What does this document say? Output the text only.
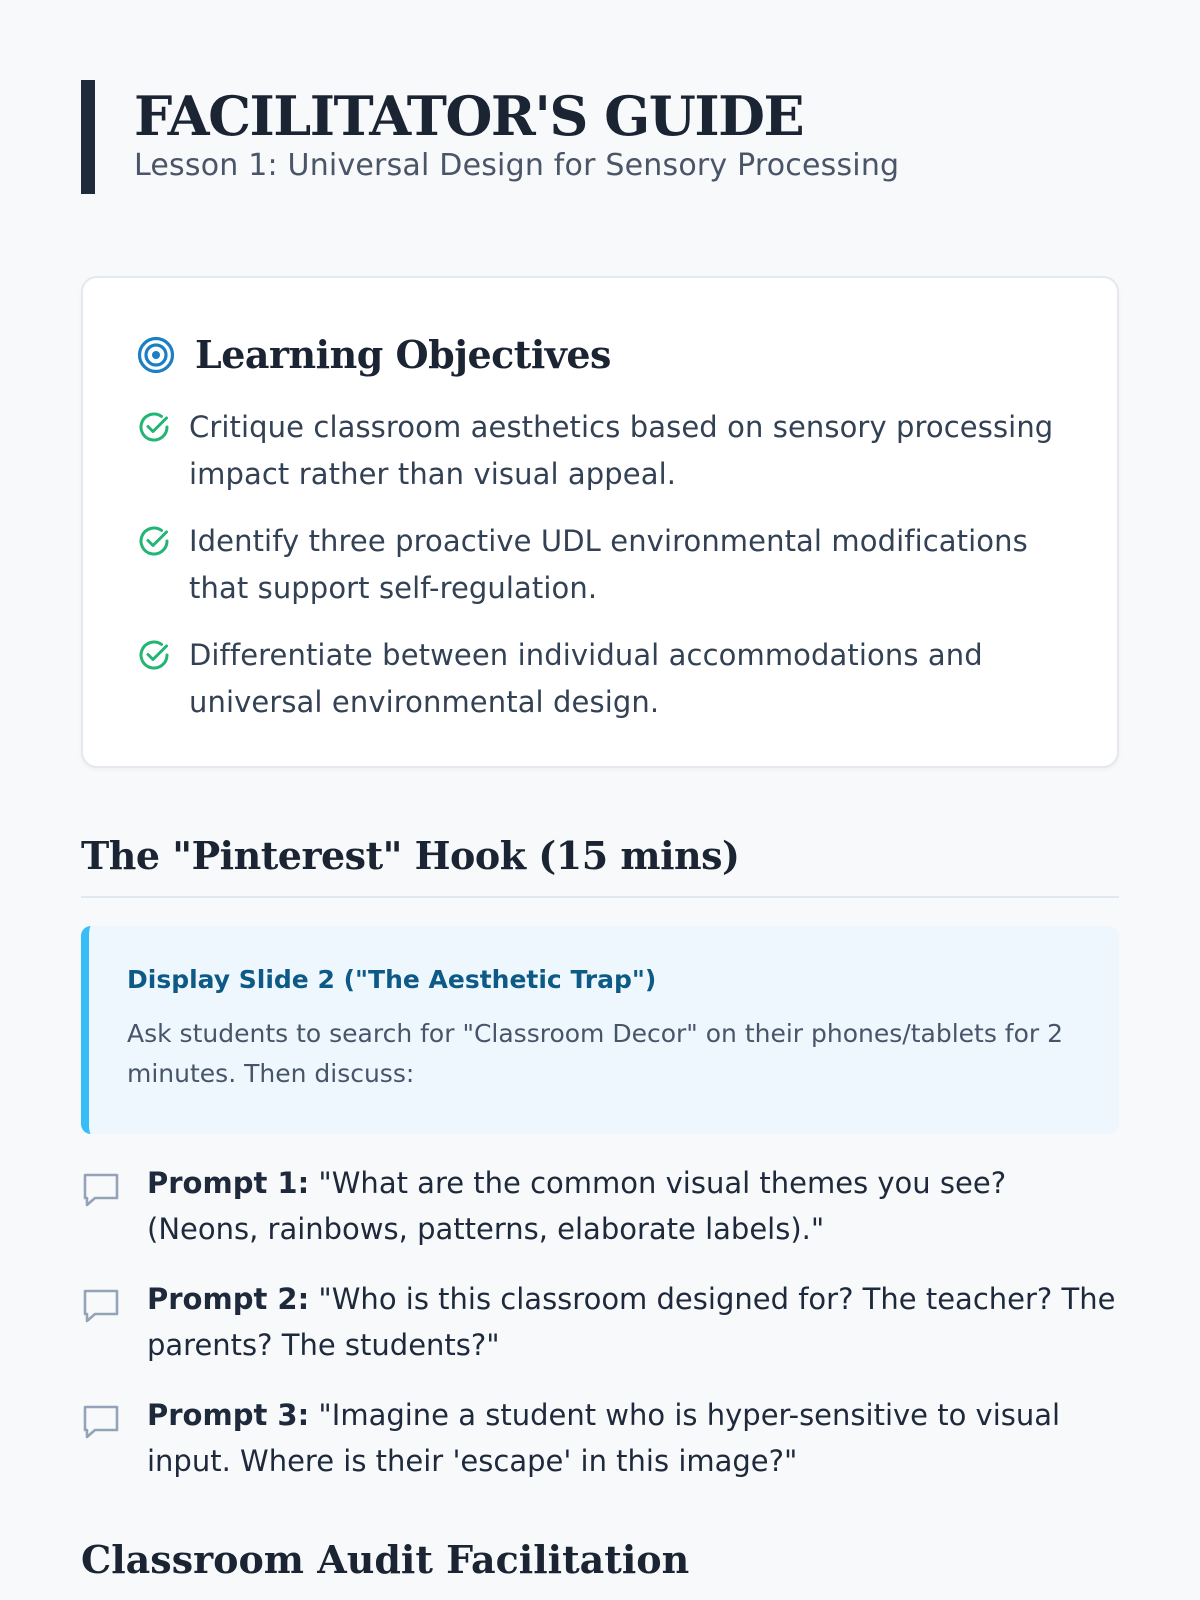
FACILITATOR'S GUIDE

Lesson 1: Universal Design for Sensory Processing

Learning Objectives
Critique classroom aesthetics based on sensory processing impact rather than visual appeal.
Identify three proactive UDL environmental modifications that support self-regulation.
Differentiate between individual accommodations and universal environmental design.
The "Pinterest" Hook (15 mins)

Display Slide 2 ("The Aesthetic Trap")

Ask students to search for "Classroom Decor" on their phones/tablets for 2 minutes. Then discuss:

Prompt 1: "What are the common visual themes you see? (Neons, rainbows, patterns, elaborate labels)."
Prompt 2: "Who is this classroom designed for? The teacher? The parents? The students?"
Prompt 3: "Imagine a student who is hyper-sensitive to visual input. Where is their 'escape' in this image?"
Classroom Audit Facilitation
